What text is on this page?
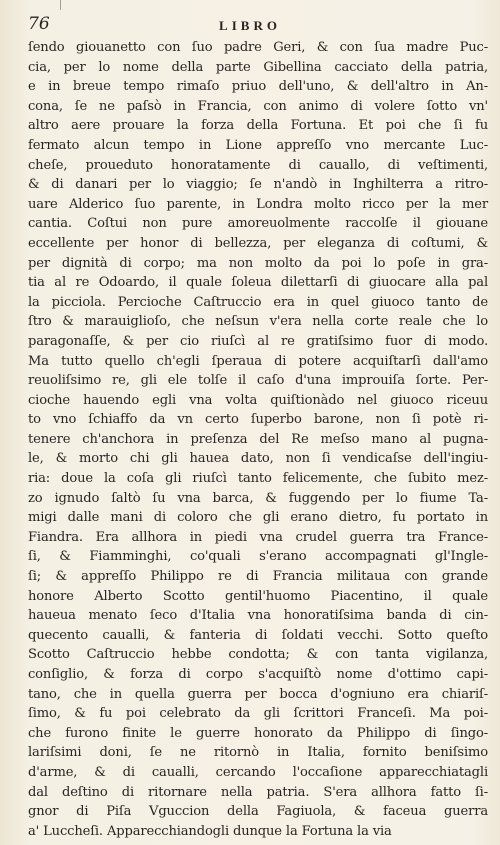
76	LIBRO
ſendo giouanetto con ſuo padre Geri, & con ſua madre Puc-
cia, per lo nome della parte Gibellina cacciato della patria,
e in breue tempo rimaſo priuo dell'uno, & dell'altro in An-
cona, ſe ne paſsò in Francia, con animo di volere ſotto vn'
altro aere prouare la forza della Fortuna. Et poi che ſi fu
fermato alcun tempo in Lione appreſſo vno mercante Luc-
cheſe, proueduto honoratamente di cauallo, di veſtimenti,
& di danari per lo viaggio; ſe n'andò in Inghilterra a ritro-
uare Alderico ſuo parente, in Londra molto ricco per la mer
cantia. Coſtui non pure amoreuolmente raccolſe il giouane
eccellente per honor di bellezza, per eleganza di coſtumi, &
per dignità di corpo; ma non molto da poi lo poſe in gra-
tia al re Odoardo, il quale ſoleua dilettarſi di giuocare alla pal
la picciola. Percioche Caſtruccio era in quel giuoco tanto de
ſtro & marauiglioſo, che neſsun v'era nella corte reale che lo
paragonaſſe, & per cio riuſcì al re gratiſsimo fuor di modo.
Ma tutto quello ch'egli ſperaua di potere acquiſtarſi dall'amo
reuoliſsimo re, gli ele tolſe il caſo d'una improuiſa ſorte. Per-
cioche hauendo egli vna volta quiſtionàdo nel giuoco riceuu
to vno ſchiaffo da vn certo ſuperbo barone, non ſi potè ri-
tenere ch'anchora in preſenza del Re meſso mano al pugna-
le, & morto chi gli hauea dato, non ſi vendicaſse dell'ingiu-
ria: doue la coſa gli riuſcì tanto felicemente, che ſubito mez-
zo ignudo ſaltò ſu vna barca, & fuggendo per lo fiume Ta-
migi dalle mani di coloro che gli erano dietro, fu portato in
Fiandra. Era allhora in piedi vna crudel guerra tra France-
ſi, & Fiamminghi, co'quali s'erano accompagnati gl'Ingle-
ſi; & appreſſo Philippo re di Francia militaua con grande
honore Alberto Scotto gentil'huomo Piacentino, il quale
haueua menato ſeco d'Italia vna honoratiſsima banda di cin-
quecento caualli, & fanteria di ſoldati vecchi. Sotto queſto
Scotto Caſtruccio hebbe condotta; & con tanta vigilanza,
conſiglio, & forza di corpo s'acquiſtò nome d'ottimo capi-
tano, che in quella guerra per bocca d'ogniuno era chiariſ-
ſimo, & fu poi celebrato da gli ſcrittori Franceſi. Ma poi-
che furono finite le guerre honorato da Philippo di ſingo-
lariſsimi doni, ſe ne ritornò in Italia, fornito beniſsimo
d'arme, & di caualli, cercando l'occaſione apparecchiatagli
dal deſtino di ritornare nella patria. S'era allhora fatto ſi-
gnor di Piſa Vguccion della Fagiuola, & faceua guerra
a' Luccheſi. Apparecchiandogli dunque la Fortuna la via
